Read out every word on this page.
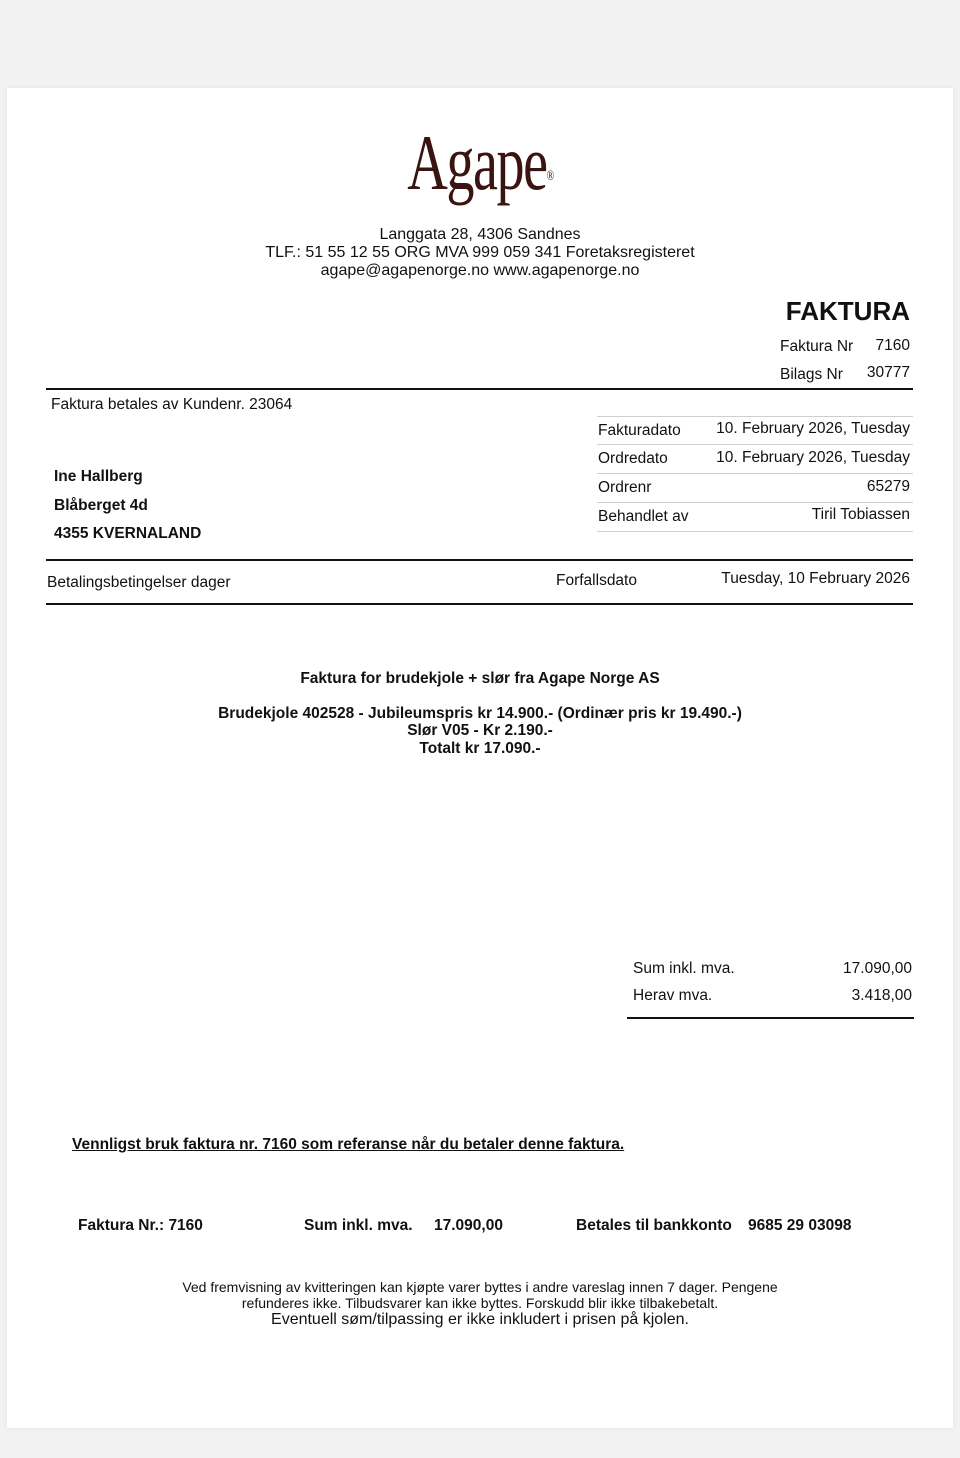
Agape®
Langgata 28, 4306 Sandnes
TLF.: 51 55 12 55 ORG MVA 999 059 341 Foretaksregisteret
agape@agapenorge.no www.agapenorge.no
FAKTURA
Faktura Nr 7160
Bilags Nr 30777
Faktura betales av Kundenr. 23064
Ine Hallberg
Blåberget 4d
4355 KVERNALAND
Fakturadato 10. February 2026, Tuesday
Ordredato	10. February 2026, Tuesday
Ordrenr	65279
Behandlet av	Tiril Tobiassen
Betalingsbetingelser dager	Forfallsdato	Tuesday, 10 February 2026
Faktura for brudekjole + slør fra Agape Norge AS
Brudekjole 402528 - Jubileumspris kr 14.900.- (Ordinær pris kr 19.490.-)
Slør V05 - Kr 2.190.-
Totalt kr 17.090.-
Sum inkl. mva.	17.090,00
Herav mva.	3.418,00
Vennligst bruk faktura nr. 7160 som referanse når du betaler denne faktura.
Faktura Nr.: 7160	Sum inkl. mva. 17.090,00	Betales til bankkonto 9685 29 03098
Ved fremvisning av kvitteringen kan kjøpte varer byttes i andre vareslag innen 7 dager. Pengene
refunderes ikke. Tilbudsvarer kan ikke byttes. Forskudd blir ikke tilbakebetalt.
Eventuell søm/tilpassing er ikke inkludert i prisen på kjolen.
